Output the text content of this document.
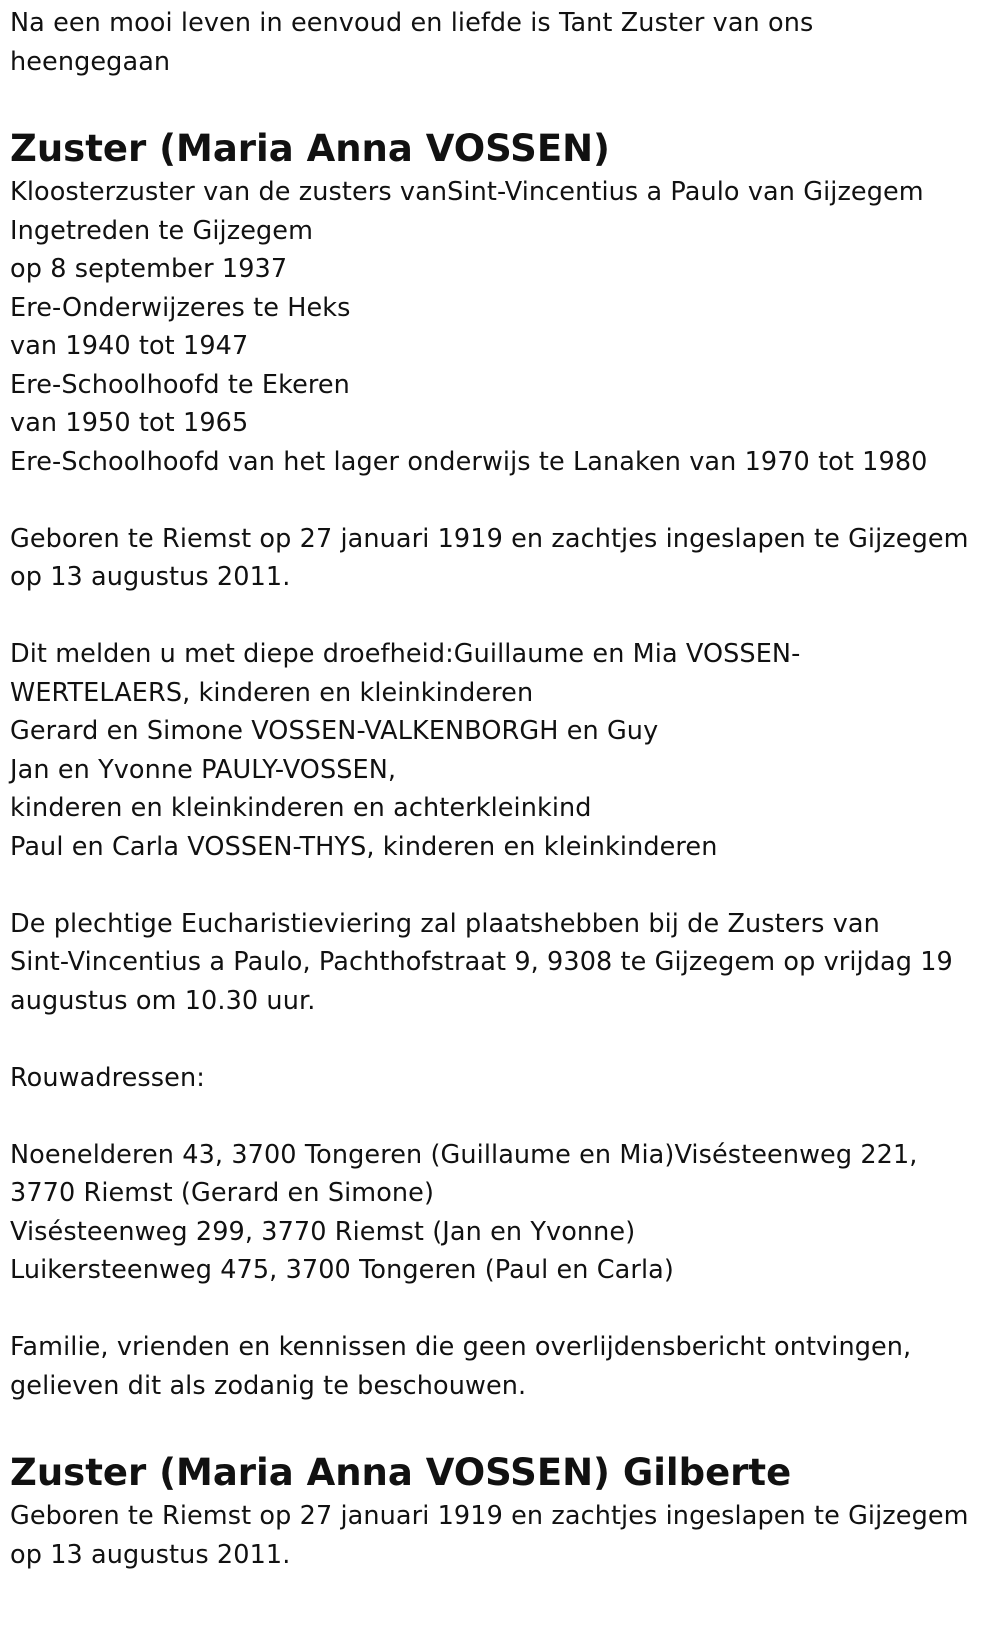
Na een mooi leven in eenvoud en liefde is Tant Zuster van ons
heengegaan
Zuster (Maria Anna VOSSEN)
Kloosterzuster van de zusters vanSint-Vincentius a Paulo van Gijzegem
Ingetreden te Gijzegem
op 8 september 1937
Ere-Onderwijzeres te Heks
van 1940 tot 1947
Ere-Schoolhoofd te Ekeren
van 1950 tot 1965
Ere-Schoolhoofd van het lager onderwijs te Lanaken van 1970 tot 1980
Geboren te Riemst op 27 januari 1919 en zachtjes ingeslapen te Gijzegem
op 13 augustus 2011.
Dit melden u met diepe droefheid:Guillaume en Mia VOSSEN-
WERTELAERS, kinderen en kleinkinderen
Gerard en Simone VOSSEN-VALKENBORGH en Guy
Jan en Yvonne PAULY-VOSSEN,
kinderen en kleinkinderen en achterkleinkind
Paul en Carla VOSSEN-THYS, kinderen en kleinkinderen
De plechtige Eucharistieviering zal plaatshebben bij de Zusters van
Sint-Vincentius a Paulo, Pachthofstraat 9, 9308 te Gijzegem op vrijdag 19
augustus om 10.30 uur.
Rouwadressen:
Noenelderen 43, 3700 Tongeren (Guillaume en Mia)Visésteenweg 221,
3770 Riemst (Gerard en Simone)
Visésteenweg 299, 3770 Riemst (Jan en Yvonne)
Luikersteenweg 475, 3700 Tongeren (Paul en Carla)
Familie, vrienden en kennissen die geen overlijdensbericht ontvingen,
gelieven dit als zodanig te beschouwen.
Zuster (Maria Anna VOSSEN) Gilberte
Geboren te Riemst op 27 januari 1919 en zachtjes ingeslapen te Gijzegem
op 13 augustus 2011.
